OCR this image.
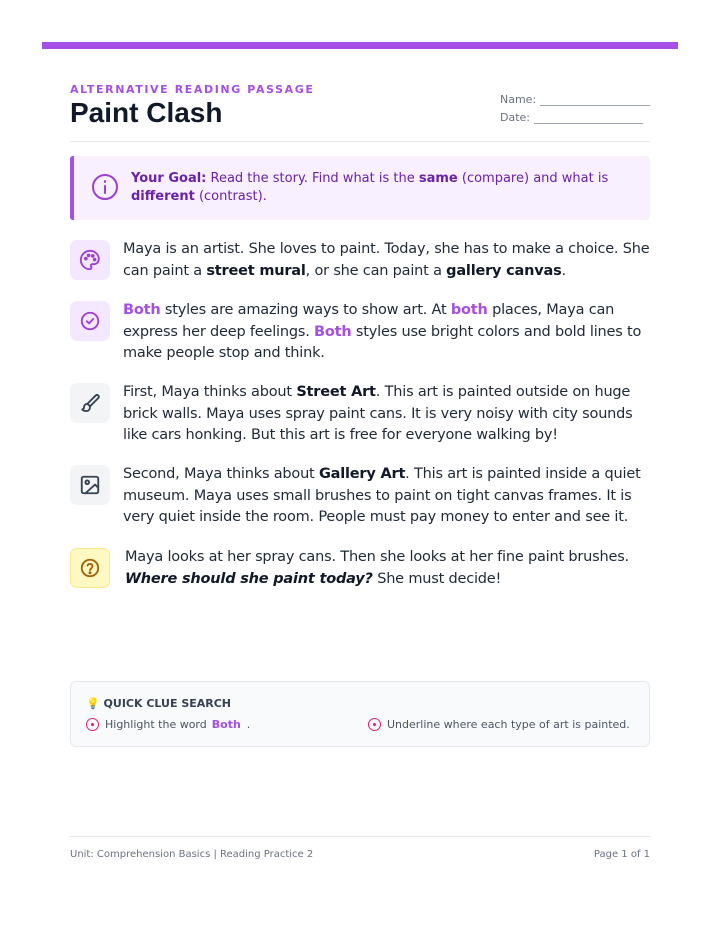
ALTERNATIVE READING PASSAGE
Paint Clash	Name:
Date:
Your Goal: Read the story. Find what is the same (compare) and what is different (contrast).
Maya is an artist. She loves to paint. Today, she has to make a choice. She can paint a street mural, or she can paint a gallery canvas.
Both styles are amazing ways to show art. At both places, Maya can express her deep feelings. Both styles use bright colors and bold lines to make people stop and think.
First, Maya thinks about Street Art. This art is painted outside on huge brick walls. Maya uses spray paint cans. It is very noisy with city sounds like cars honking. But this art is free for everyone walking by!
Second, Maya thinks about Gallery Art. This art is painted inside a quiet museum. Maya uses small brushes to paint on tight canvas frames. It is very quiet inside the room. People must pay money to enter and see it.
Maya looks at her spray cans. Then she looks at her fine paint brushes. Where should she paint today? She must decide!
💡 QUICK CLUE SEARCH
Highlight the word Both .	Underline where each type of art is painted.
Unit: Comprehension Basics | Reading Practice 2	Page 1 of 1
